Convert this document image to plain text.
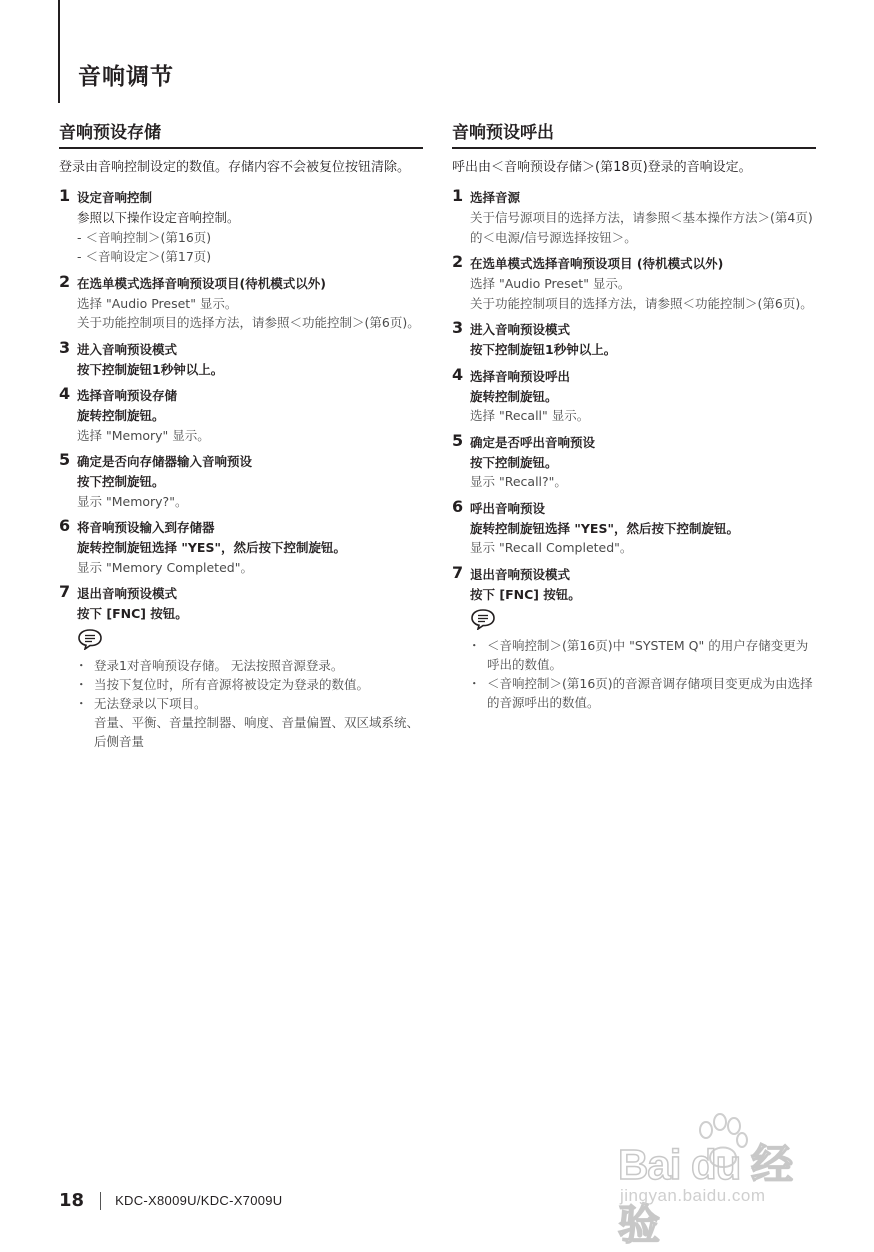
音响调节
音响预设存储
登录由音响控制设定的数值。存储内容不会被复位按钮清除。
1 设定音响控制
参照以下操作设定音响控制。
- ＜音响控制＞(第16页)
- ＜音响设定＞(第17页)
2 在选单模式选择音响预设项目(待机模式以外)
选择 "Audio Preset" 显示。
关于功能控制项目的选择方法，请参照＜功能控制＞(第6页)。
3 进入音响预设模式
按下控制旋钮1秒钟以上。
4 选择音响预设存储
旋转控制旋钮。
选择 "Memory" 显示。
5 确定是否向存储器输入音响预设
按下控制旋钮。
显示 "Memory?"。
6 将音响预设输入到存储器
旋转控制旋钮选择 "YES"，然后按下控制旋钮。
显示 "Memory Completed"。
7 退出音响预设模式
按下 [FNC] 按钮。
・ 登录1对音响预设存储。 无法按照音源登录。
・ 当按下复位时，所有音源将被设定为登录的数值。
・ 无法登录以下项目。
音量、平衡、音量控制器、响度、音量偏置、双区域系统、后侧音量
音响预设呼出
呼出由＜音响预设存储＞(第18页)登录的音响设定。
1 选择音源
关于信号源项目的选择方法，请参照＜基本操作方法＞(第4页)的＜电源/信号源选择按钮＞。
2 在选单模式选择音响预设项目 (待机模式以外)
选择 "Audio Preset" 显示。
关于功能控制项目的选择方法，请参照＜功能控制＞(第6页)。
3 进入音响预设模式
按下控制旋钮1秒钟以上。
4 选择音响预设呼出
旋转控制旋钮。
选择 "Recall" 显示。
5 确定是否呼出音响预设
按下控制旋钮。
显示 "Recall?"。
6 呼出音响预设
旋转控制旋钮选择 "YES"，然后按下控制旋钮。
显示 "Recall Completed"。
7 退出音响预设模式
按下 [FNC] 按钮。
・ ＜音响控制＞(第16页)中 "SYSTEM Q" 的用户存储变更为呼出的数值。
・ ＜音响控制＞(第16页)的音源音调存储项目变更成为由选择的音源呼出的数值。
18 KDC-X8009U/KDC-X7009U
Bai du 经验
jingyan.baidu.com
